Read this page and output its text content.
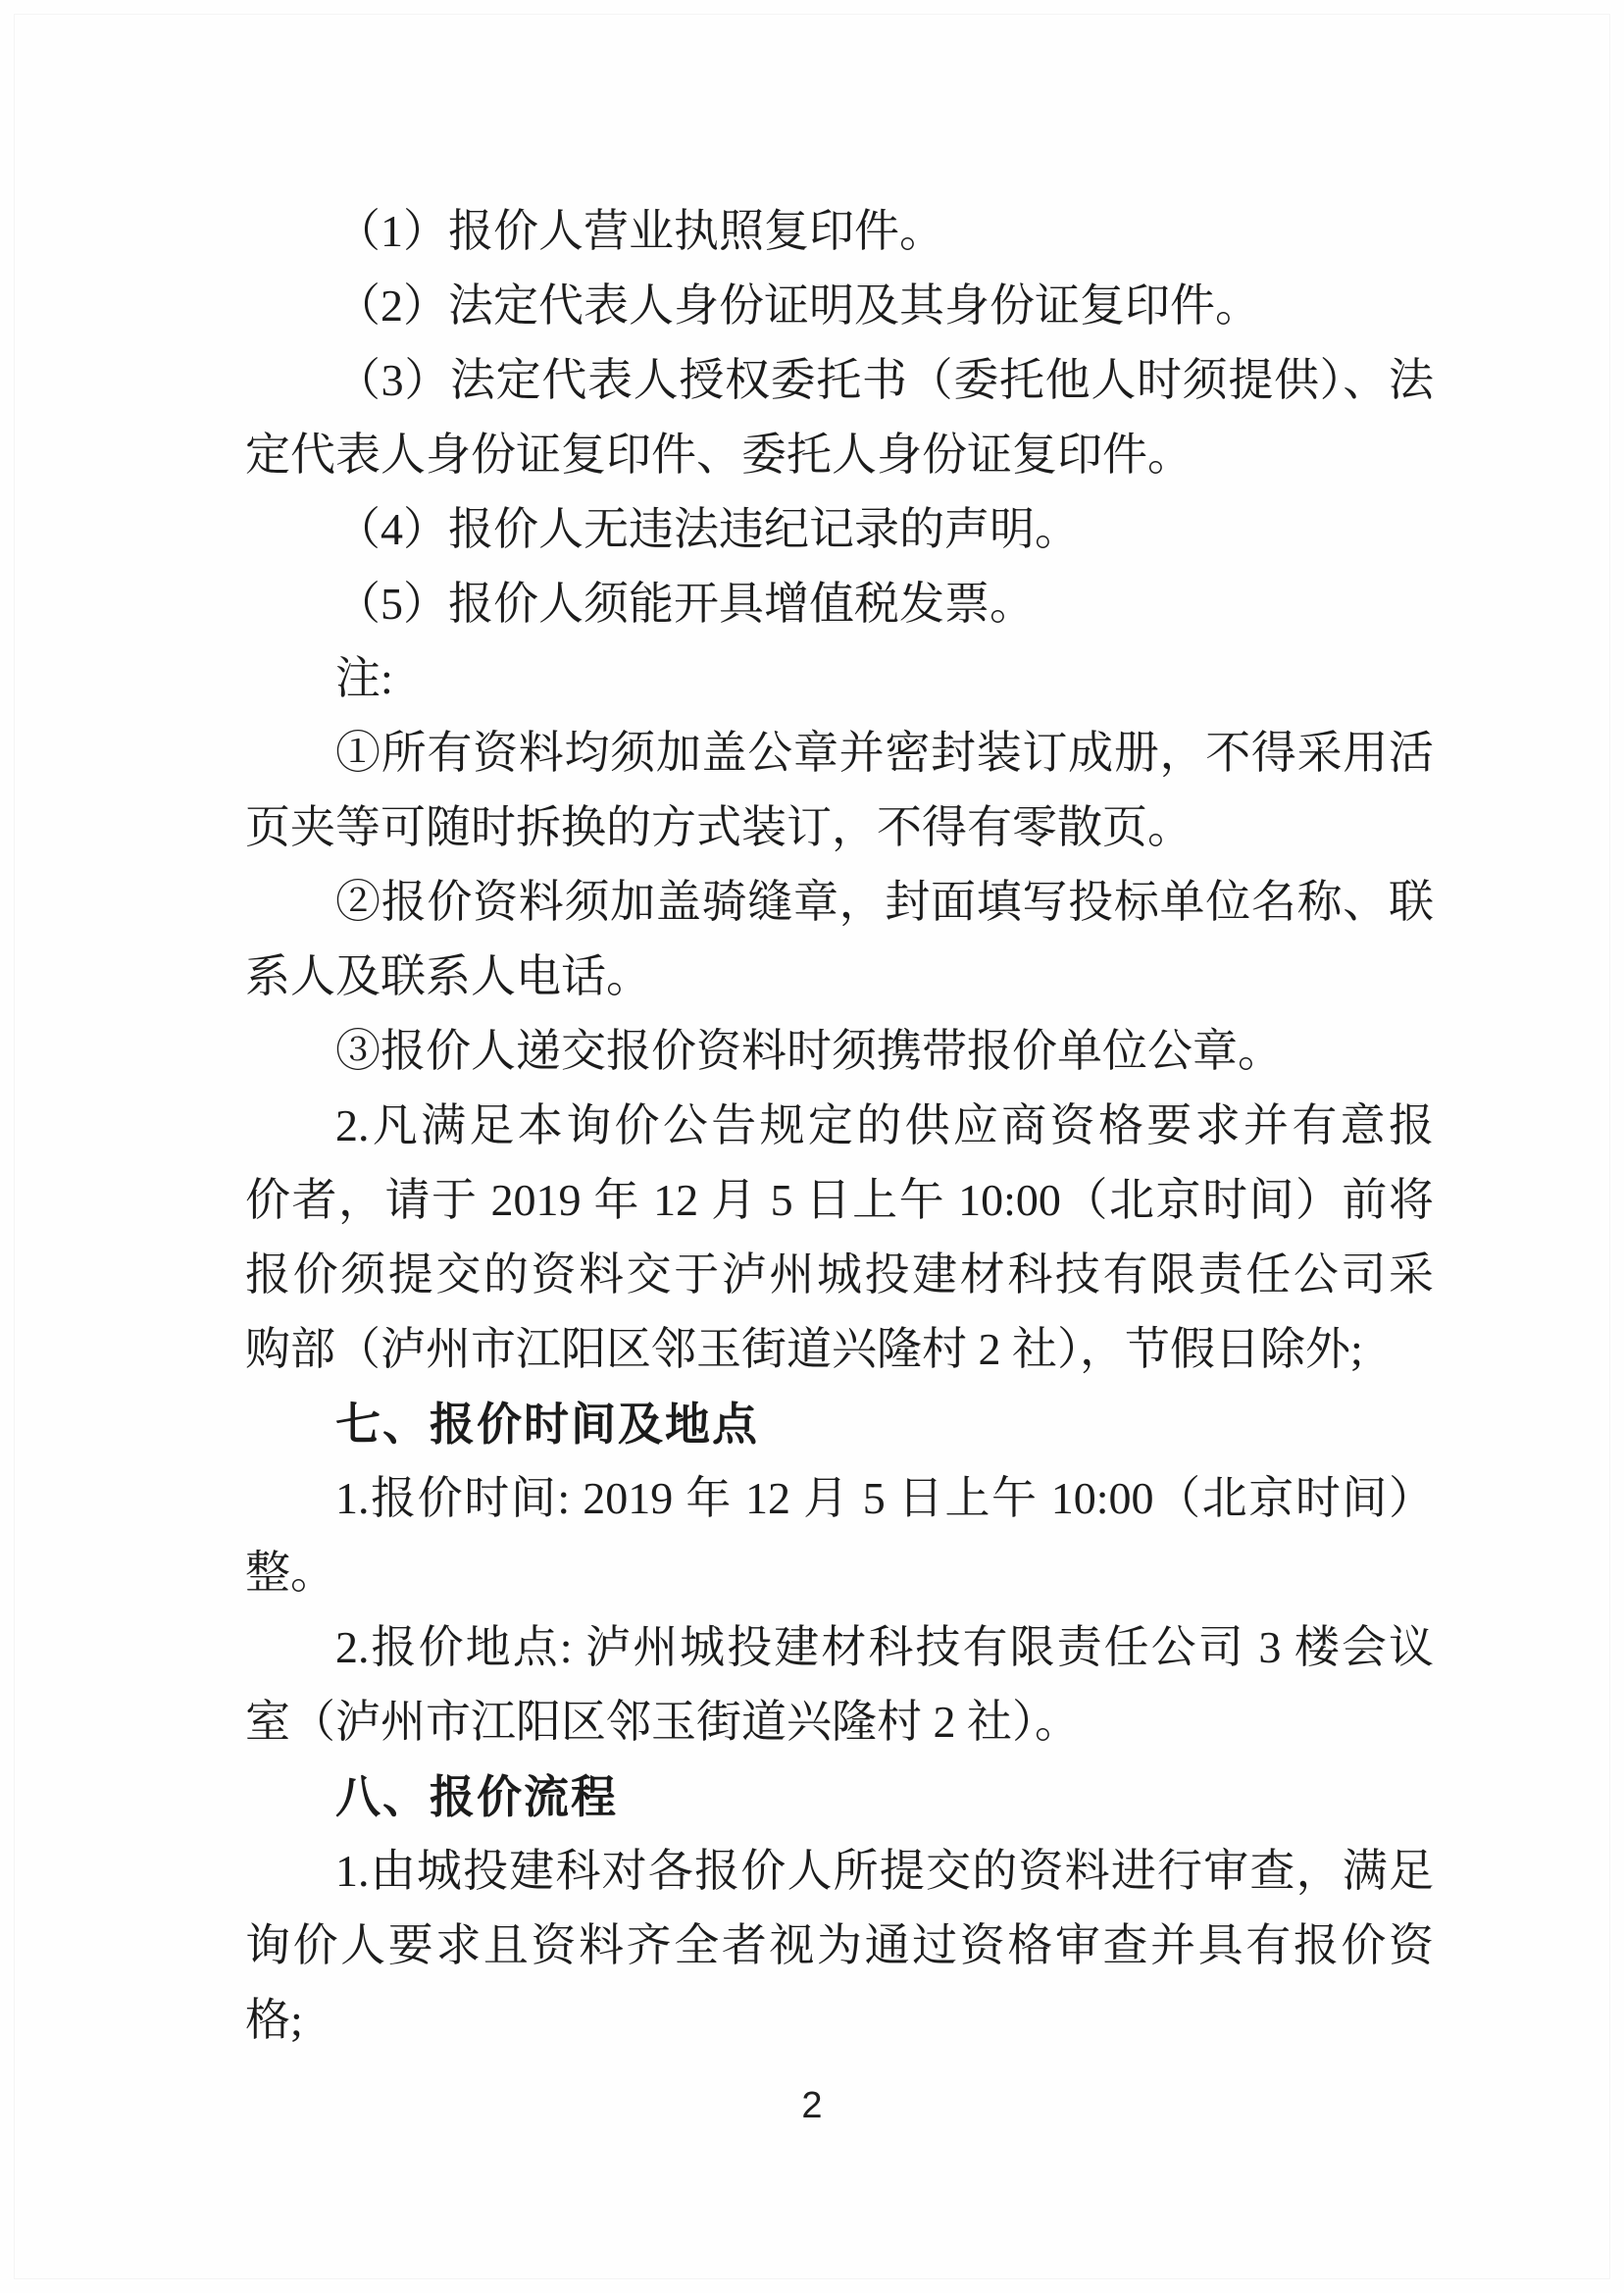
（1）报价人营业执照复印件。
（2）法定代表人身份证明及其身份证复印件。
（3）法定代表人授权委托书（委托他人时须提供）、法
定代表人身份证复印件、委托人身份证复印件。
（4）报价人无违法违纪记录的声明。
（5）报价人须能开具增值税发票。
注:
①所有资料均须加盖公章并密封装订成册，不得采用活
页夹等可随时拆换的方式装订，不得有零散页。
②报价资料须加盖骑缝章，封面填写投标单位名称、联
系人及联系人电话。
③报价人递交报价资料时须携带报价单位公章。
2.凡满足本询价公告规定的供应商资格要求并有意报
价者，请于 2019 年 12 月 5 日上午 10:00（北京时间）前将
报价须提交的资料交于泸州城投建材科技有限责任公司采
购部（泸州市江阳区邻玉街道兴隆村 2 社），节假日除外;
七、报价时间及地点
1.报价时间: 2019 年 12 月 5 日上午 10:00（北京时间）
整。
2.报价地点: 泸州城投建材科技有限责任公司 3 楼会议
室（泸州市江阳区邻玉街道兴隆村 2 社）。
八、报价流程
1.由城投建科对各报价人所提交的资料进行审查，满足
询价人要求且资料齐全者视为通过资格审查并具有报价资
格;
2
